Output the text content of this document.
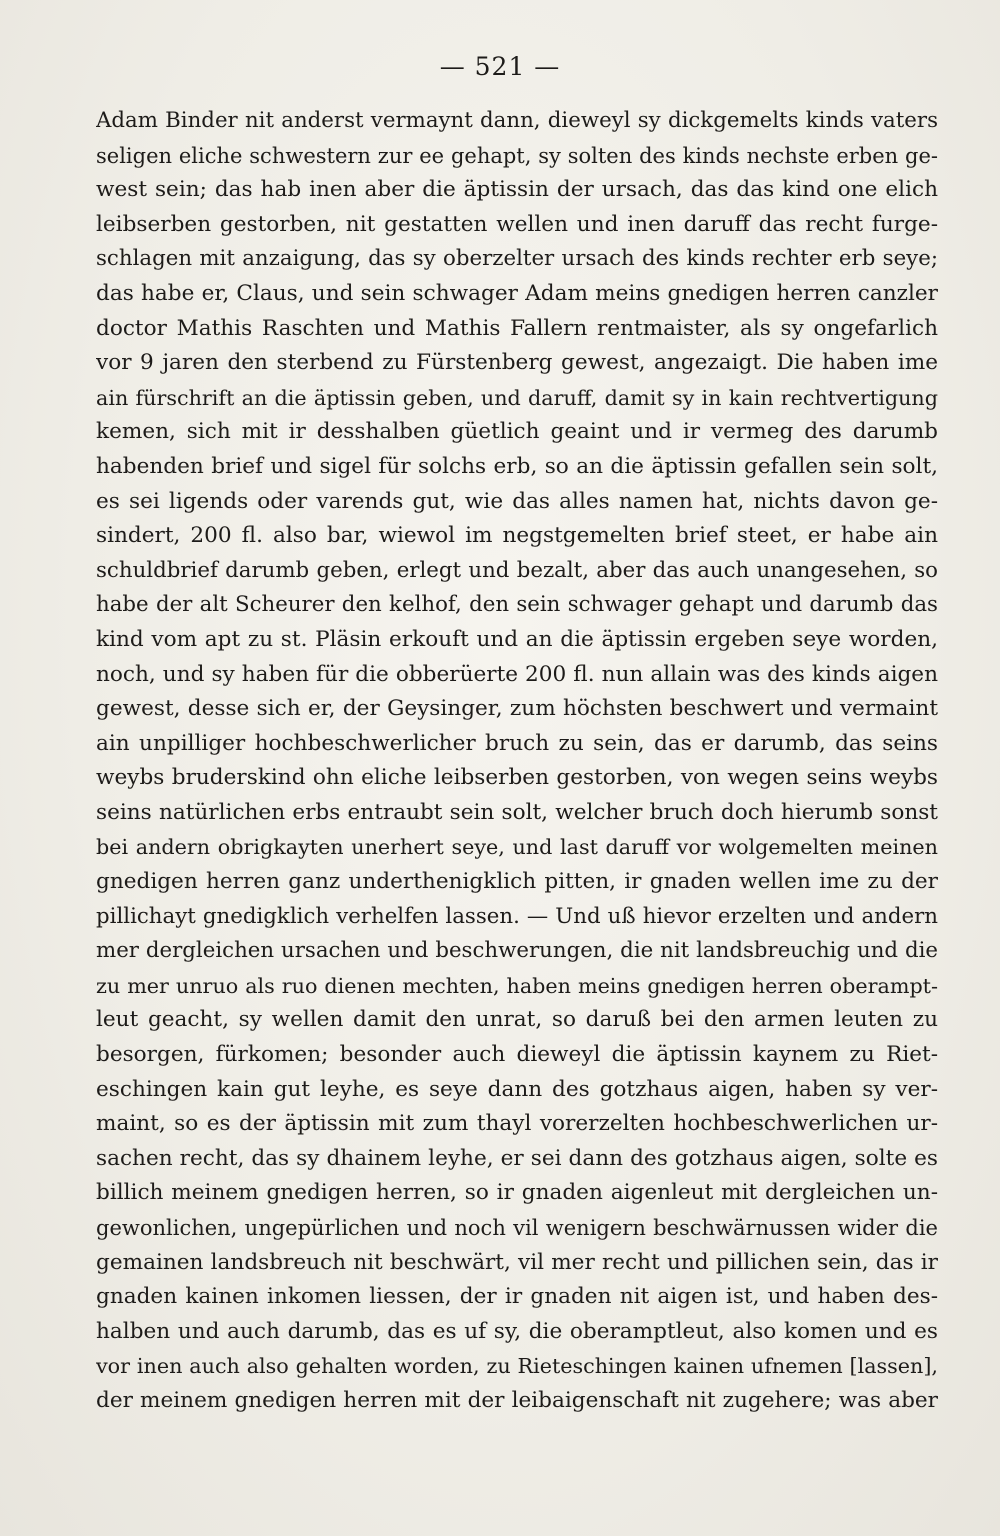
— 521 —
Adam Binder nit anderst vermaynt dann, dieweyl sy dickgemelts kinds vaters
seligen eliche schwestern zur ee gehapt, sy solten des kinds nechste erben ge-
west sein; das hab inen aber die äptissin der ursach, das das kind one elich
leibserben gestorben, nit gestatten wellen und inen daruff das recht furge-
schlagen mit anzaigung, das sy oberzelter ursach des kinds rechter erb seye;
das habe er, Claus, und sein schwager Adam meins gnedigen herren canzler
doctor Mathis Raschten und Mathis Fallern rentmaister, als sy ongefarlich
vor 9 jaren den sterbend zu Fürstenberg gewest, angezaigt. Die haben ime
ain fürschrift an die äptissin geben, und daruff, damit sy in kain rechtvertigung
kemen, sich mit ir desshalben güetlich geaint und ir vermeg des darumb
habenden brief und sigel für solchs erb, so an die äptissin gefallen sein solt,
es sei ligends oder varends gut, wie das alles namen hat, nichts davon ge-
sindert, 200 fl. also bar, wiewol im negstgemelten brief steet, er habe ain
schuldbrief darumb geben, erlegt und bezalt, aber das auch unangesehen, so
habe der alt Scheurer den kelhof, den sein schwager gehapt und darumb das
kind vom apt zu st. Pläsin erkouft und an die äptissin ergeben seye worden,
noch, und sy haben für die obberüerte 200 fl. nun allain was des kinds aigen
gewest, desse sich er, der Geysinger, zum höchsten beschwert und vermaint
ain unpilliger hochbeschwerlicher bruch zu sein, das er darumb, das seins
weybs bruderskind ohn eliche leibserben gestorben, von wegen seins weybs
seins natürlichen erbs entraubt sein solt, welcher bruch doch hierumb sonst
bei andern obrigkayten unerhert seye, und last daruff vor wolgemelten meinen
gnedigen herren ganz underthenigklich pitten, ir gnaden wellen ime zu der
pillichayt gnedigklich verhelfen lassen. — Und uß hievor erzelten und andern
mer dergleichen ursachen und beschwerungen, die nit landsbreuchig und die
zu mer unruo als ruo dienen mechten, haben meins gnedigen herren oberampt-
leut geacht, sy wellen damit den unrat, so daruß bei den armen leuten zu
besorgen, fürkomen; besonder auch dieweyl die äptissin kaynem zu Riet-
eschingen kain gut leyhe, es seye dann des gotzhaus aigen, haben sy ver-
maint, so es der äptissin mit zum thayl vorerzelten hochbeschwerlichen ur-
sachen recht, das sy dhainem leyhe, er sei dann des gotzhaus aigen, solte es
billich meinem gnedigen herren, so ir gnaden aigenleut mit dergleichen un-
gewonlichen, ungepürlichen und noch vil wenigern beschwärnussen wider die
gemainen landsbreuch nit beschwärt, vil mer recht und pillichen sein, das ir
gnaden kainen inkomen liessen, der ir gnaden nit aigen ist, und haben des-
halben und auch darumb, das es uf sy, die oberamptleut, also komen und es
vor inen auch also gehalten worden, zu Rieteschingen kainen ufnemen [lassen],
der meinem gnedigen herren mit der leibaigenschaft nit zugehere; was aber
